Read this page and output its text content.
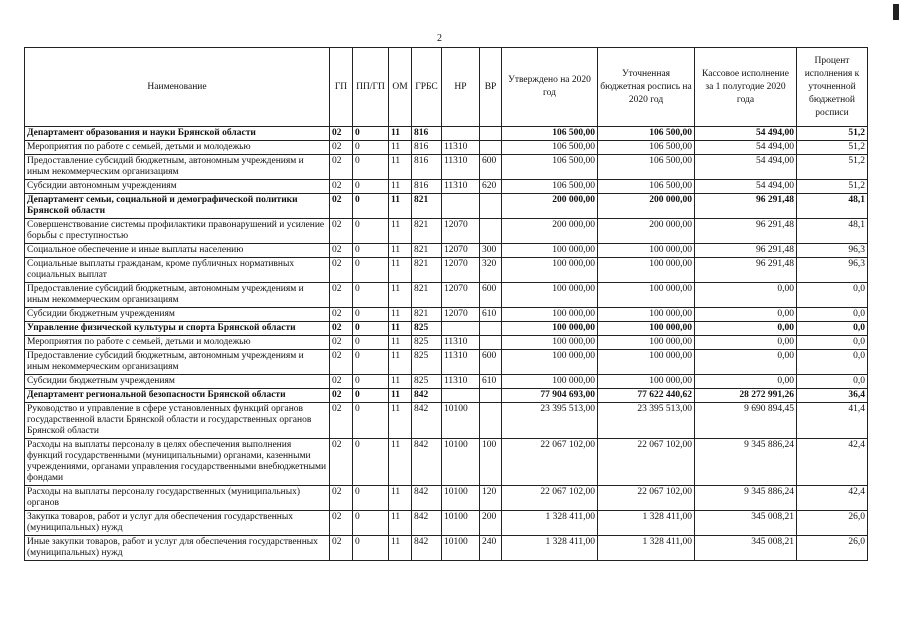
2
Наименование	ГП	ПП/ГП	ОМ	ГРБС	НР	ВР	Утверждено на 2020 год	Уточненная бюджетная роспись на 2020 год	Кассовое исполнение за 1 полугодие 2020 года	Процент исполнения к уточненной бюджетной росписи
Департамент образования и науки Брянской области	02	0	11	816			106 500,00	106 500,00	54 494,00	51,2
Мероприятия по работе с семьей, детьми и молодежью	02	0	11	816	11310		106 500,00	106 500,00	54 494,00	51,2
Предоставление субсидий бюджетным, автономным учреждениям и иным некоммерческим организациям	02	0	11	816	11310	600	106 500,00	106 500,00	54 494,00	51,2
Субсидии автономным учреждениям	02	0	11	816	11310	620	106 500,00	106 500,00	54 494,00	51,2
Департамент семьи, социальной и демографической политики Брянской области	02	0	11	821			200 000,00	200 000,00	96 291,48	48,1
Совершенствование системы профилактики правонарушений и усиление борьбы с преступностью	02	0	11	821	12070		200 000,00	200 000,00	96 291,48	48,1
Социальное обеспечение и иные выплаты населению	02	0	11	821	12070	300	100 000,00	100 000,00	96 291,48	96,3
Социальные выплаты гражданам, кроме публичных нормативных социальных выплат	02	0	11	821	12070	320	100 000,00	100 000,00	96 291,48	96,3
Предоставление субсидий бюджетным, автономным учреждениям и иным некоммерческим организациям	02	0	11	821	12070	600	100 000,00	100 000,00	0,00	0,0
Субсидии бюджетным учреждениям	02	0	11	821	12070	610	100 000,00	100 000,00	0,00	0,0
Управление физической культуры и спорта Брянской области	02	0	11	825			100 000,00	100 000,00	0,00	0,0
Мероприятия по работе с семьей, детьми и молодежью	02	0	11	825	11310		100 000,00	100 000,00	0,00	0,0
Предоставление субсидий бюджетным, автономным учреждениям и иным некоммерческим организациям	02	0	11	825	11310	600	100 000,00	100 000,00	0,00	0,0
Субсидии бюджетным учреждениям	02	0	11	825	11310	610	100 000,00	100 000,00	0,00	0,0
Департамент региональной безопасности Брянской области	02	0	11	842			77 904 693,00	77 622 440,62	28 272 991,26	36,4
Руководство и управление в сфере установленных функций органов государственной власти Брянской области и государственных органов Брянской области	02	0	11	842	10100		23 395 513,00	23 395 513,00	9 690 894,45	41,4
Расходы на выплаты персоналу в целях обеспечения выполнения функций государственными (муниципальными) органами, казенными учреждениями, органами управления государственными внебюджетными фондами	02	0	11	842	10100	100	22 067 102,00	22 067 102,00	9 345 886,24	42,4
Расходы на выплаты персоналу государственных (муниципальных) органов	02	0	11	842	10100	120	22 067 102,00	22 067 102,00	9 345 886,24	42,4
Закупка товаров, работ и услуг для обеспечения государственных (муниципальных) нужд	02	0	11	842	10100	200	1 328 411,00	1 328 411,00	345 008,21	26,0
Иные закупки товаров, работ и услуг для обеспечения государственных (муниципальных) нужд	02	0	11	842	10100	240	1 328 411,00	1 328 411,00	345 008,21	26,0
